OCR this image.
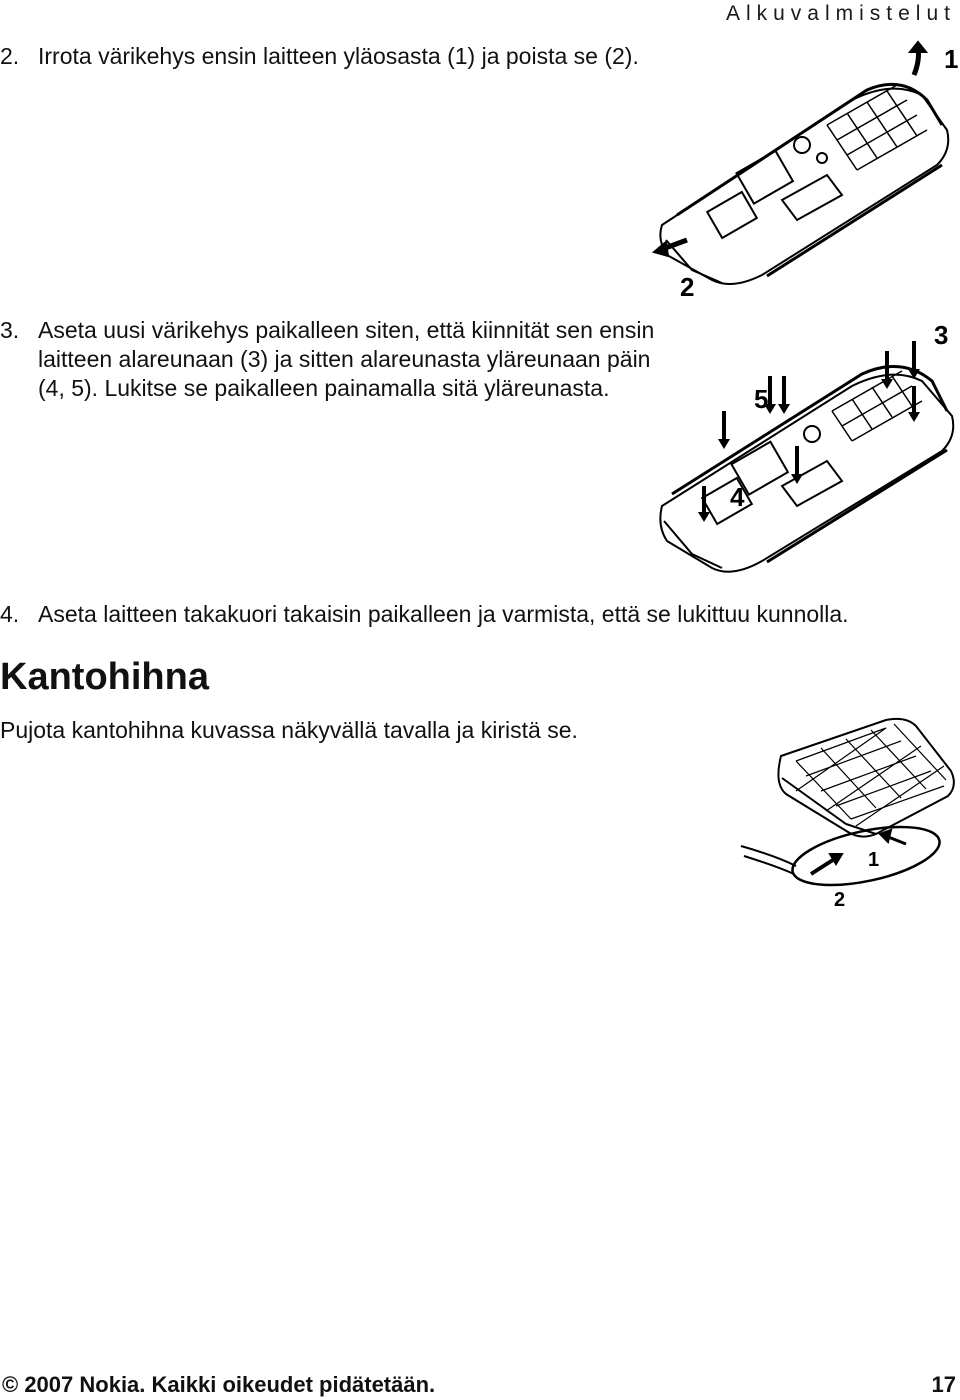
Alkuvalmistelut
2. Irrota värikehys ensin laitteen yläosasta (1) ja poista se (2).	1
2
3. Aseta uusi värikehys paikalleen siten, että kiinnität sen ensin laitteen alareunaan (3) ja sitten alareunasta yläreunaan päin (4, 5). Lukitse se paikalleen painamalla sitä yläreunasta.
3
4
5
4. Aseta laitteen takakuori takaisin paikalleen ja varmista, että se lukittuu kunnolla.
Kantohihna
Pujota kantohihna kuvassa näkyvällä tavalla ja kiristä se.
1
2
© 2007 Nokia. Kaikki oikeudet pidätetään.	17
